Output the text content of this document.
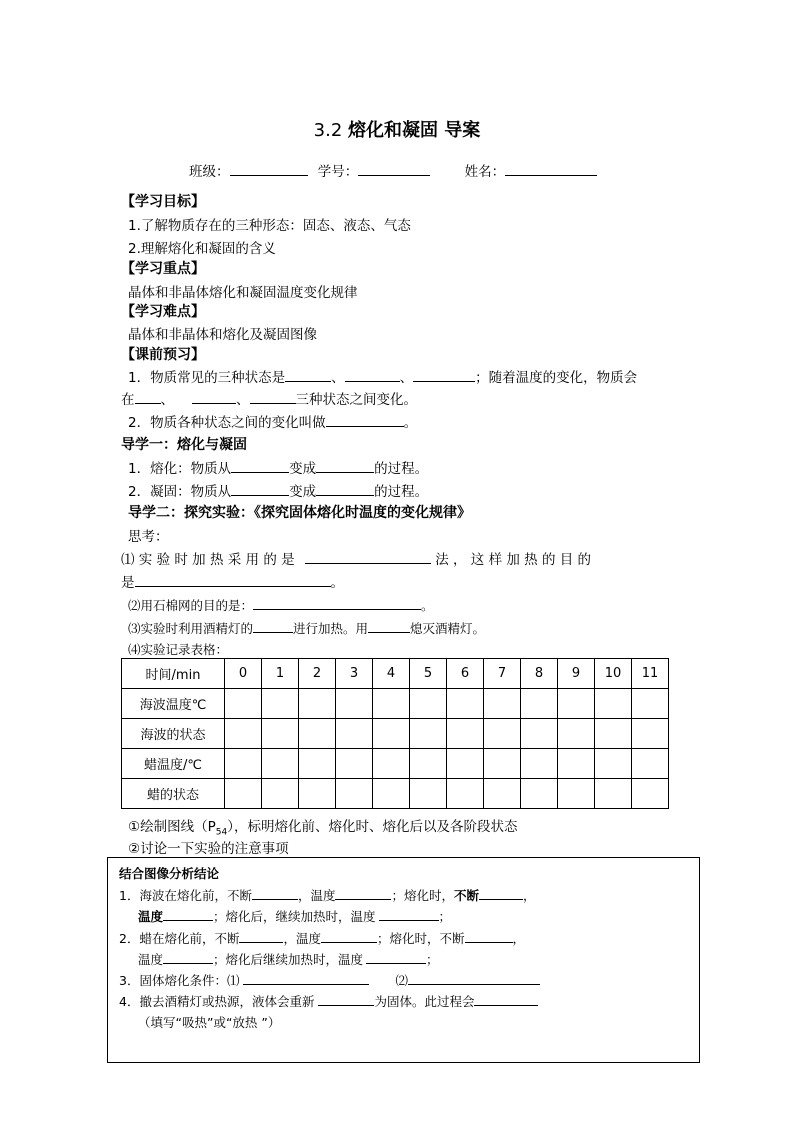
3.2 熔化和凝固 导案
班级：	学号：	姓名：
【学习目标】
1.了解物质存在的三种形态：固态、液态、气态
2.理解熔化和凝固的含义
【学习重点】
晶体和非晶体熔化和凝固温度变化规律
【学习难点】
晶体和非晶体和熔化及凝固图像
【课前预习】
1．物质常见的三种状态是	、	、	；随着温度的变化，物质会
在 、	、	三种状态之间变化。
2．物质各种状态之间的变化叫做	。
导学一：熔化与凝固
1．熔化：物质从	变成	的过程。
2．凝固：物质从	变成	的过程。
导学二：探究实验：《探究固体熔化时温度的变化规律》
思考：
⑴ 实 验 时 加 热 采 用 的 是	法 ， 这 样 加 热 的 目 的
是	。
⑵用石棉网的目的是：	。
⑶实验时利用酒精灯的	进行加热。用	熄灭酒精灯。
⑷实验记录表格：
时间/min	0	1	2	3	4	5	6	7	8	9	10	11
海波温度℃												
海波的状态												
蜡温度/℃												
蜡的状态												
①绘制图线$(P_{54})$，标明熔化前、熔化时、熔化后以及各阶段状态
②讨论一下实验的注意事项
结合图像分析结论
1．海波在熔化前，不断	，温度	；熔化时，不断	，
温度	；熔化后，继续加热时，温度	；
2．蜡在熔化前，不断	，温度	；熔化时，不断	，
温度	；熔化后继续加热时，温度	；
3．固体熔化条件：⑴	⑵
4．撤去酒精灯或热源，液体会重新	为固体。此过程会
（填写“吸热”或“放热 ”）
